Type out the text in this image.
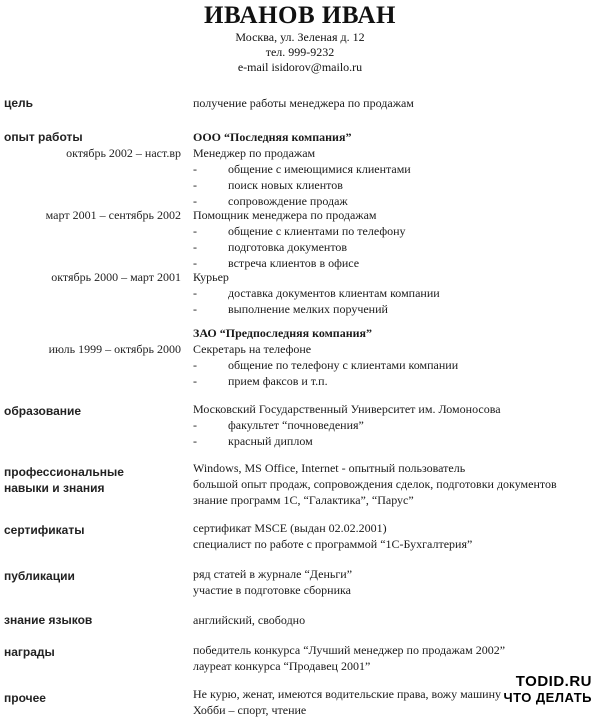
ИВАНОВ ИВАН
Москва, ул. Зеленая д. 12
тел. 999-9232
e-mail isidorov@mailo.ru
цель	получение работы менеджера по продажам
опыт работы	ООО “Последняя компания”
октябрь 2002 – наст.вр Менеджер по продажам
-	общение с имеющимися клиентами
-	поиск новых клиентов
-	сопровождение продаж
март 2001 – сентябрь 2002 Помощник менеджера по продажам
-	общение с клиентами по телефону
-	подготовка документов
-	встреча клиентов в офисе
октябрь 2000 – март 2001 Курьер
-	доставка документов клиентам компании
-	выполнение мелких поручений
ЗАО “Предпоследняя компания”
июль 1999 – октябрь 2000 Секретарь на телефоне
-	общение по телефону с клиентами компании
-	прием факсов и т.п.
образование	Московский Государственный Университет им. Ломоносова
-	факультет “почноведения”
-	красный диплом
профессиональные
навыки и знания
Windows, MS Office, Internet - опытный пользователь
большой опыт продаж, сопровождения сделок, подготовки документов
знание программ 1С, “Галактика”, “Парус”
сертификаты	сертификат MSCE (выдан 02.02.2001)
специалист по работе с программой “1С-Бухгалтерия”
публикации	ряд статей в журнале “Деньги”
участие в подготовке сборника
знание языков	английский, свободно
награды	победитель конкурса “Лучший менеджер по продажам 2002”
лауреат конкурса “Продавец 2001”
прочее	Не курю, женат, имеются водительские права, вожу машину
Хобби – спорт, чтение
TODID.RU
ЧТО ДЕЛАТЬ
